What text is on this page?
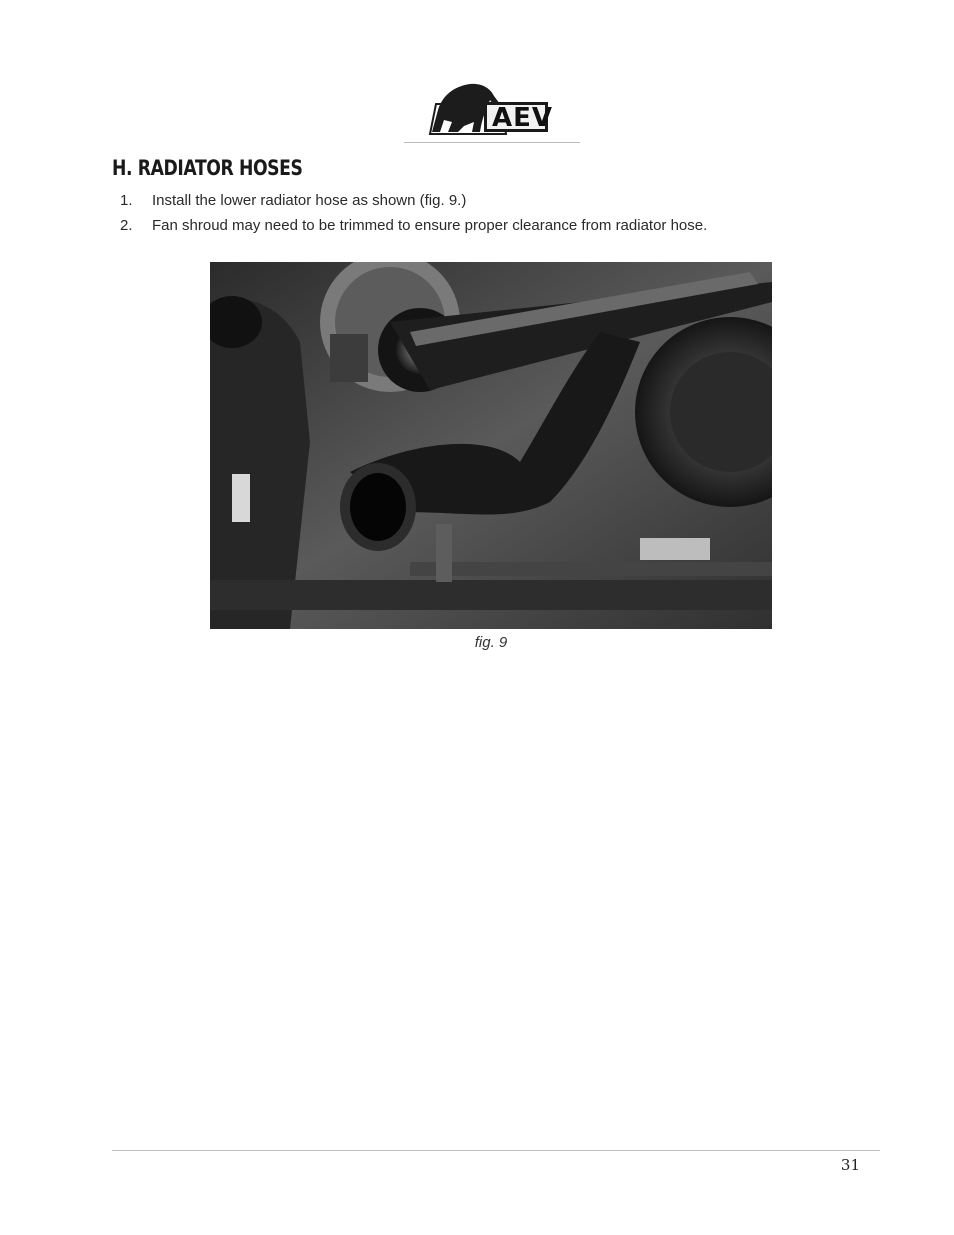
AEV
H. RADIATOR HOSES
1.	Install the lower radiator hose as shown (fig. 9.)
2.	Fan shroud may need to be trimmed to ensure proper clearance from radiator hose.
fig. 9
31
